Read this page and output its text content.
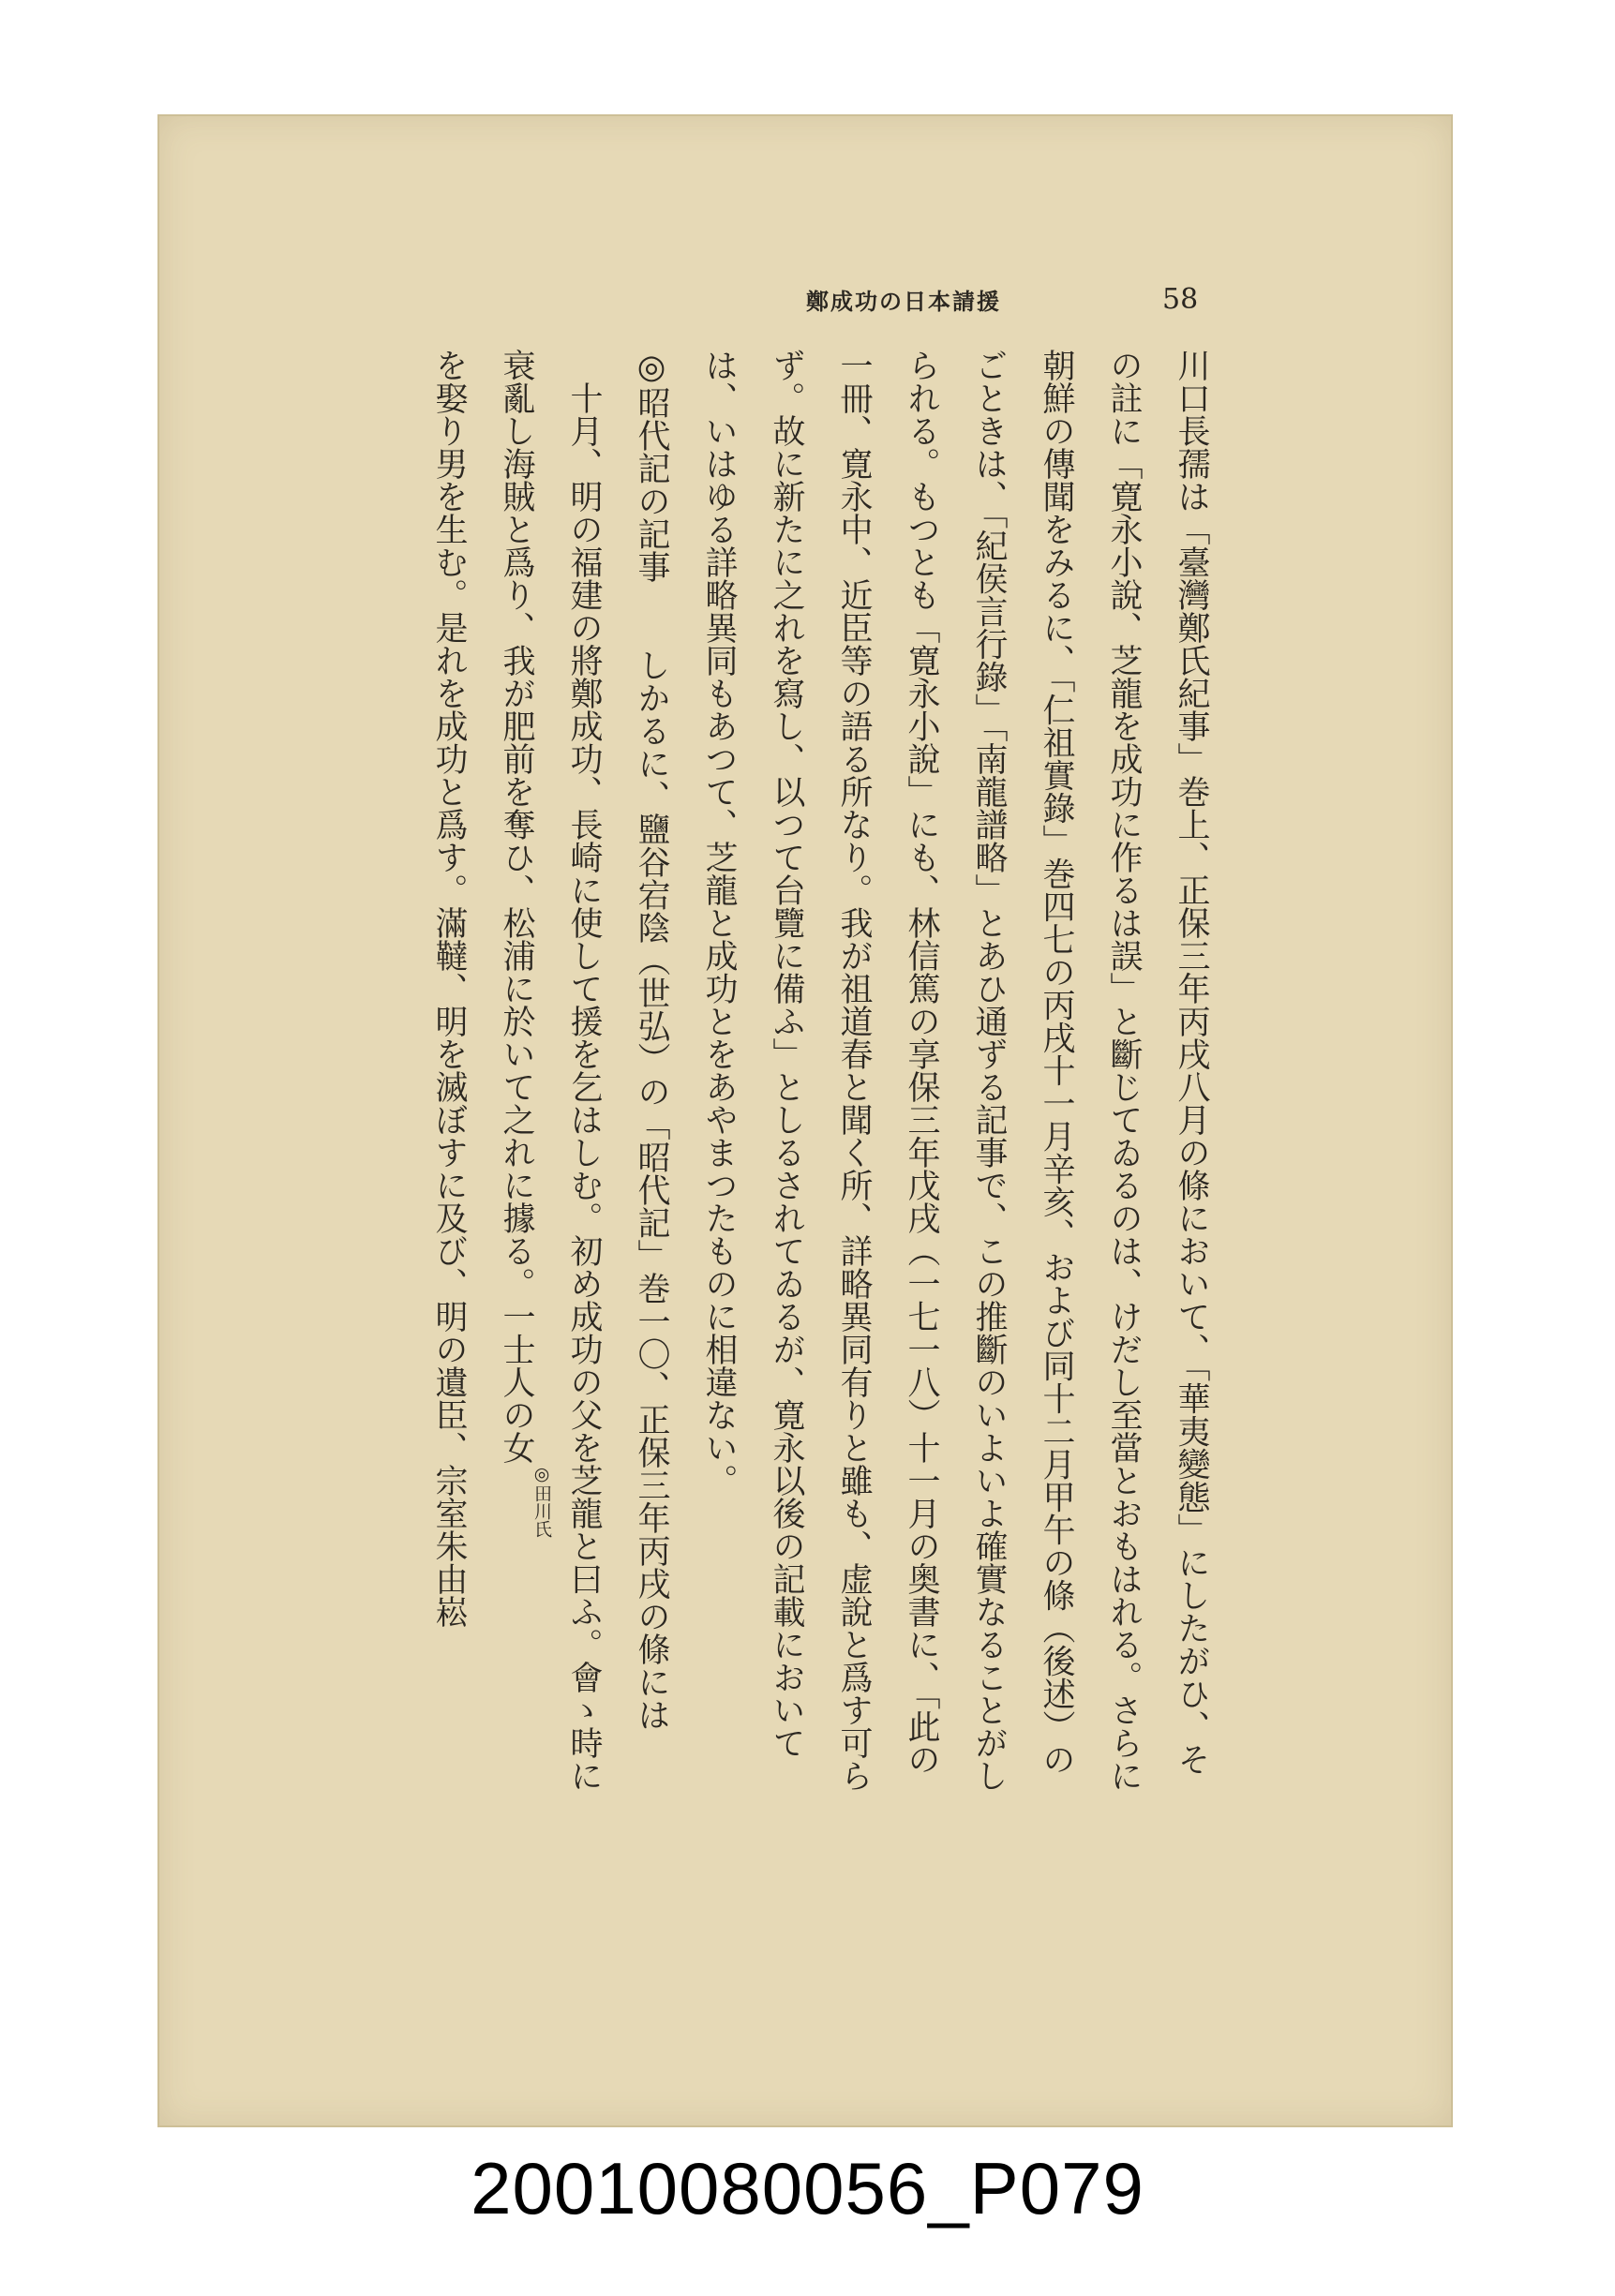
58
鄭成功の日本請援

川口長孺は「臺灣鄭氏紀事」巻上、正保三年丙戌八月の條において、「華夷變態」にしたがひ、その註に「寛永小說、芝龍を成功に作るは誤」と斷じてゐるのは、けだし至當とおもはれる。さらに朝鮮の傳聞をみるに、「仁祖實錄」巻四七の丙戌十一月辛亥、および同十二月甲午の條（後述）のごときは、「紀侯言行錄」「南龍譜略」とあひ通ずる記事で、この推斷のいよいよ確實なることがしられる。もつとも「寛永小說」にも、林信篤の享保三年戊戌（一七一八）十一月の奥書に、「此の一冊、寛永中、近臣等の語る所なり。我が祖道春と聞く所、詳略異同有りと雖も、虚說と爲す可らず。故に新たに之れを寫し、以つて台覽に備ふ」としるされてゐるが、寛永以後の記載においては、いはゆる詳略異同もあつて、芝龍と成功とをあやまつたものに相違ない。

◎昭代記の記事　　しかるに、鹽谷宕陰（世弘）の「昭代記」巻一〇、正保三年丙戌の條には

　十月、明の福建の將鄭成功、長崎に使して援を乞はしむ。初め成功の父を芝龍と曰ふ。會ゝ時に衰亂し海賊と爲り、我が肥前を奪ひ、松浦に於いて之れに據る。一士人の女$^{◎田川氏}$

を娶り男を生む。是れを成功と爲す。滿韃、明を滅ぼすに及び、明の遺臣、宗室朱由崧

20010080056_P079
